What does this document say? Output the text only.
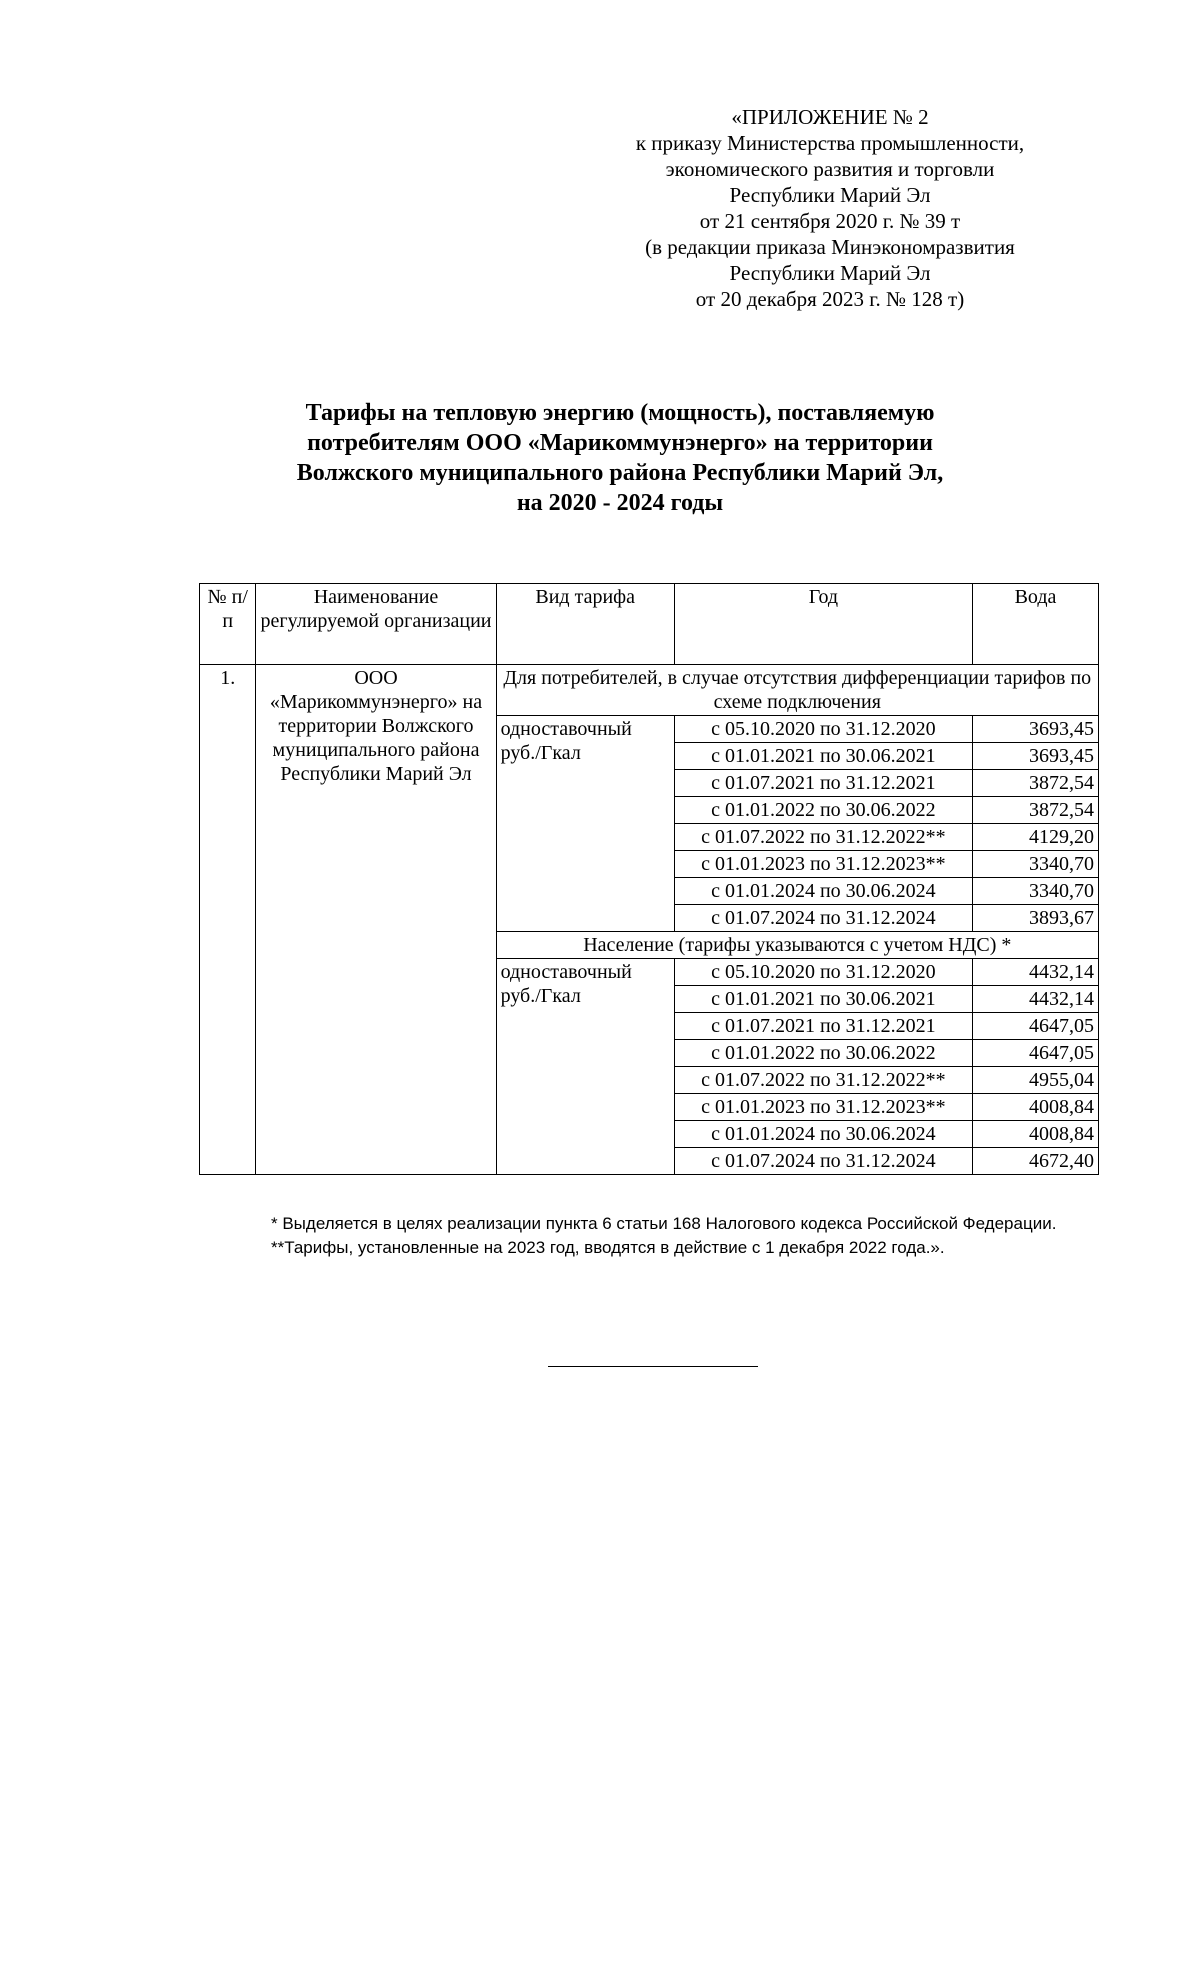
«ПРИЛОЖЕНИЕ № 2
к приказу Министерства промышленности,
экономического развития и торговли
Республики Марий Эл
от 21 сентября 2020 г. № 39 т
(в редакции приказа Минэкономразвития
Республики Марий Эл
от 20 декабря 2023 г. № 128 т)
Тарифы на тепловую энергию (мощность), поставляемую
потребителям ООО «Марикоммунэнерго» на территории
Волжского муниципального района Республики Марий Эл,
на 2020 - 2024 годы
№ п/п	Наименование регулируемой организации	Вид тарифа	Год	Вода
1.	ООО «Марикоммунэнерго» на территории Волжского муниципального района Республики Марий Эл	Для потребителей, в случае отсутствия дифференциации тарифов по схеме подключения		
		одноставочный руб./Гкал	с 05.10.2020 по 31.12.2020	3693,45
			с 01.01.2021 по 30.06.2021	3693,45
			с 01.07.2021 по 31.12.2021	3872,54
			с 01.01.2022 по 30.06.2022	3872,54
			с 01.07.2022 по 31.12.2022**	4129,20
			с 01.01.2023 по 31.12.2023**	3340,70
			с 01.01.2024 по 30.06.2024	3340,70
			с 01.07.2024 по 31.12.2024	3893,67
		Население (тарифы указываются с учетом НДС) *		
		одноставочный руб./Гкал	с 05.10.2020 по 31.12.2020	4432,14
			с 01.01.2021 по 30.06.2021	4432,14
			с 01.07.2021 по 31.12.2021	4647,05
			с 01.01.2022 по 30.06.2022	4647,05
			с 01.07.2022 по 31.12.2022**	4955,04
			с 01.01.2023 по 31.12.2023**	4008,84
			с 01.01.2024 по 30.06.2024	4008,84
			с 01.07.2024 по 31.12.2024	4672,40
* Выделяется в целях реализации пункта 6 статьи 168 Налогового кодекса Российской Федерации.
**Тарифы, установленные на 2023 год, вводятся в действие с 1 декабря 2022 года.».
